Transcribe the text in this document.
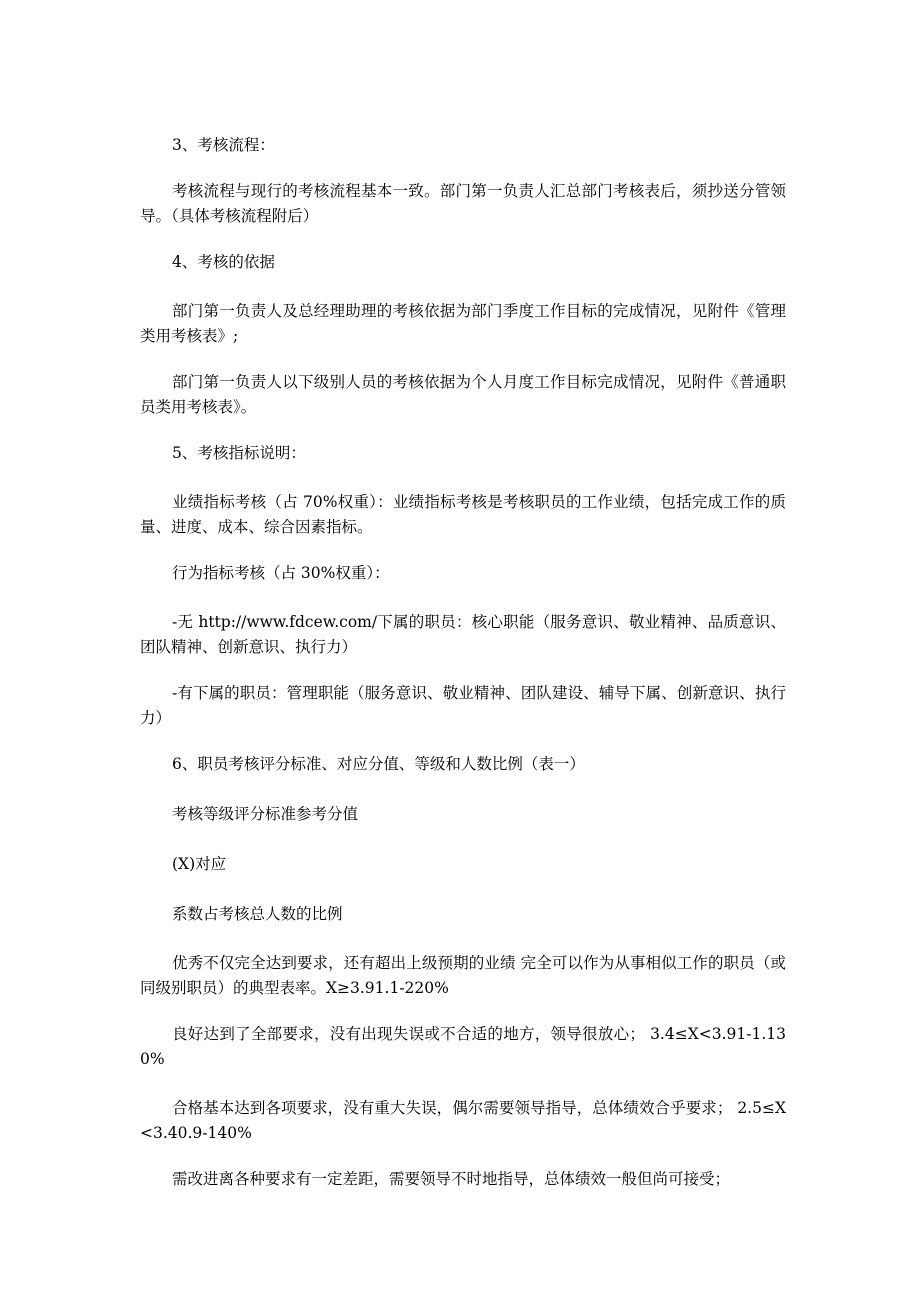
3、考核流程：

考核流程与现行的考核流程基本一致。部门第一负责人汇总部门考核表后，须抄送分管领导。（具体考核流程附后）

4、考核的依据

部门第一负责人及总经理助理的考核依据为部门季度工作目标的完成情况，见附件《管理类用考核表》;

部门第一负责人以下级别人员的考核依据为个人月度工作目标完成情况，见附件《普通职员类用考核表》。

5、考核指标说明：

业绩指标考核（占 70%权重）：业绩指标考核是考核职员的工作业绩，包括完成工作的质量、进度、成本、综合因素指标。

行为指标考核（占 30%权重）：

-无 http://www.fdcew.com/下属的职员：核心职能（服务意识、敬业精神、品质意识、团队精神、创新意识、执行力）

-有下属的职员：管理职能（服务意识、敬业精神、团队建设、辅导下属、创新意识、执行力）

6、职员考核评分标准、对应分值、等级和人数比例（表一）

考核等级评分标准参考分值

(X)对应

系数占考核总人数的比例

优秀不仅完全达到要求，还有超出上级预期的业绩 完全可以作为从事相似工作的职员（或同级别职员）的典型表率。X≥3.91.1-220%

良好达到了全部要求，没有出现失误或不合适的地方，领导很放心； 3.4≤X<3.91-1.130%

合格基本达到各项要求，没有重大失误，偶尔需要领导指导，总体绩效合乎要求； 2.5≤X<3.40.9-140%

需改进离各种要求有一定差距，需要领导不时地指导，总体绩效一般但尚可接受；
